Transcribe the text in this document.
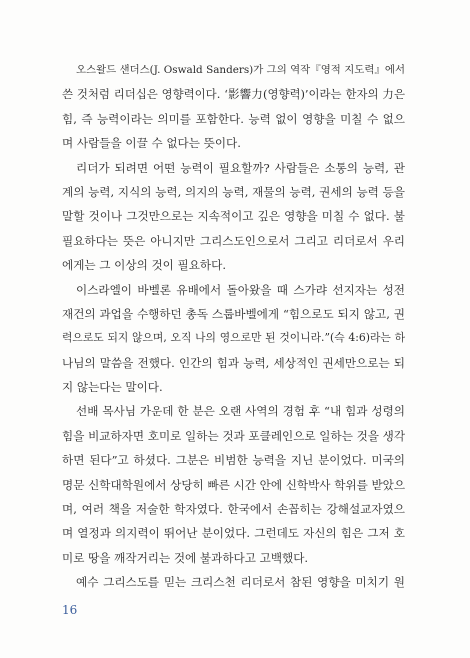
오스왈드 샌더스(J. Oswald Sanders)가 그의 역작『영적 지도력』에서
쓴 것처럼 리더십은 영향력이다. ‘影響力(영향력)’이라는 한자의 力은
힘, 즉 능력이라는 의미를 포함한다. 능력 없이 영향을 미칠 수 없으
며 사람들을 이끌 수 없다는 뜻이다.
리더가 되려면 어떤 능력이 필요할까? 사람들은 소통의 능력, 관
계의 능력, 지식의 능력, 의지의 능력, 재물의 능력, 권세의 능력 등을
말할 것이나 그것만으로는 지속적이고 깊은 영향을 미칠 수 없다. 불
필요하다는 뜻은 아니지만 그리스도인으로서 그리고 리더로서 우리
에게는 그 이상의 것이 필요하다.
이스라엘이 바벨론 유배에서 돌아왔을 때 스가랴 선지자는 성전
재건의 과업을 수행하던 총독 스룹바벨에게 “힘으로도 되지 않고, 권
력으로도 되지 않으며, 오직 나의 영으로만 된 것이니라.”(슥 4:6)라는 하
나님의 말씀을 전했다. 인간의 힘과 능력, 세상적인 권세만으로는 되
지 않는다는 말이다.
선배 목사님 가운데 한 분은 오랜 사역의 경험 후 “내 힘과 성령의
힘을 비교하자면 호미로 일하는 것과 포클레인으로 일하는 것을 생각
하면 된다”고 하셨다. 그분은 비범한 능력을 지닌 분이었다. 미국의
명문 신학대학원에서 상당히 빠른 시간 안에 신학박사 학위를 받았으
며, 여러 책을 저술한 학자였다. 한국에서 손꼽히는 강해설교자였으
며 열정과 의지력이 뛰어난 분이었다. 그런데도 자신의 힘은 그저 호
미로 땅을 깨작거리는 것에 불과하다고 고백했다.
예수 그리스도를 믿는 크리스천 리더로서 참된 영향을 미치기 원
16
